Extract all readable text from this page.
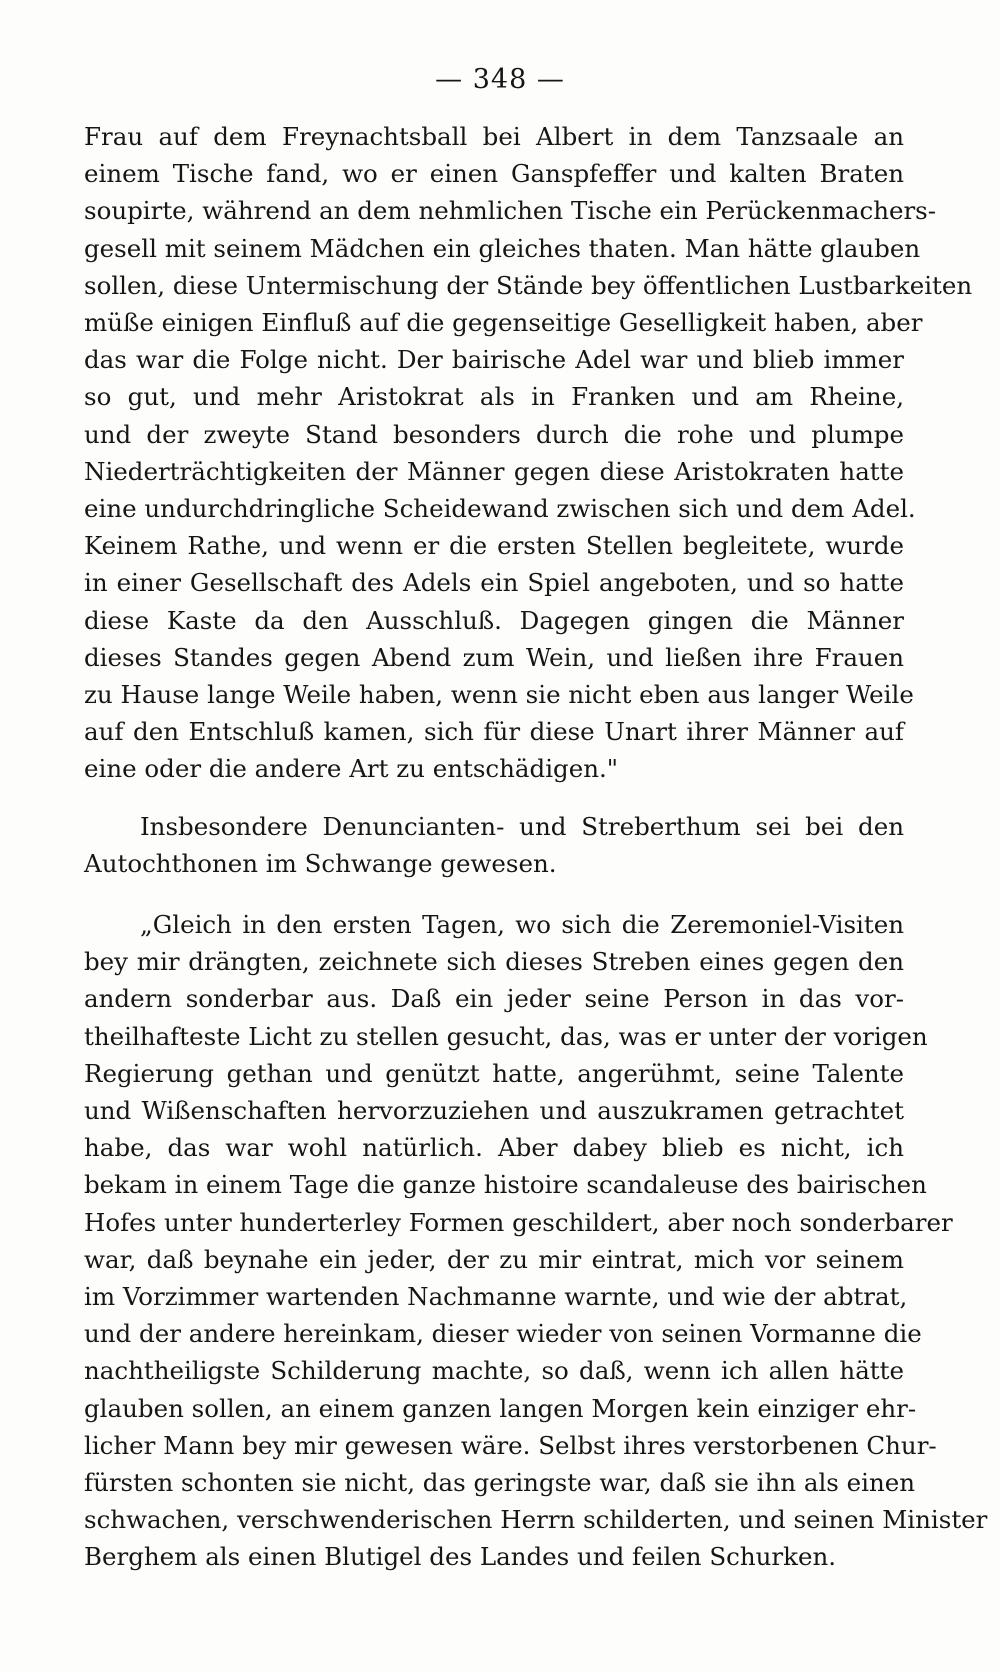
— 348 —
Frau auf dem Freynachtsball bei Albert in dem Tanzsaale an
einem Tische fand, wo er einen Ganspfeffer und kalten Braten
soupirte, während an dem nehmlichen Tische ein Perückenmachers-
gesell mit seinem Mädchen ein gleiches thaten. Man hätte glauben
sollen, diese Untermischung der Stände bey öffentlichen Lustbarkeiten
müße einigen Einfluß auf die gegenseitige Geselligkeit haben, aber
das war die Folge nicht. Der bairische Adel war und blieb immer
so gut, und mehr Aristokrat als in Franken und am Rheine,
und der zweyte Stand besonders durch die rohe und plumpe
Niederträchtigkeiten der Männer gegen diese Aristokraten hatte
eine undurchdringliche Scheidewand zwischen sich und dem Adel.
Keinem Rathe, und wenn er die ersten Stellen begleitete, wurde
in einer Gesellschaft des Adels ein Spiel angeboten, und so hatte
diese Kaste da den Ausschluß. Dagegen gingen die Männer
dieses Standes gegen Abend zum Wein, und ließen ihre Frauen
zu Hause lange Weile haben, wenn sie nicht eben aus langer Weile
auf den Entschluß kamen, sich für diese Unart ihrer Männer auf
eine oder die andere Art zu entschädigen."
Insbesondere Denuncianten- und Streberthum sei bei den
Autochthonen im Schwange gewesen.
„Gleich in den ersten Tagen, wo sich die Zeremoniel-Visiten
bey mir drängten, zeichnete sich dieses Streben eines gegen den
andern sonderbar aus. Daß ein jeder seine Person in das vor-
theilhafteste Licht zu stellen gesucht, das, was er unter der vorigen
Regierung gethan und genützt hatte, angerühmt, seine Talente
und Wißenschaften hervorzuziehen und auszukramen getrachtet
habe, das war wohl natürlich. Aber dabey blieb es nicht, ich
bekam in einem Tage die ganze histoire scandaleuse des bairischen
Hofes unter hunderterley Formen geschildert, aber noch sonderbarer
war, daß beynahe ein jeder, der zu mir eintrat, mich vor seinem
im Vorzimmer wartenden Nachmanne warnte, und wie der abtrat,
und der andere hereinkam, dieser wieder von seinen Vormanne die
nachtheiligste Schilderung machte, so daß, wenn ich allen hätte
glauben sollen, an einem ganzen langen Morgen kein einziger ehr-
licher Mann bey mir gewesen wäre. Selbst ihres verstorbenen Chur-
fürsten schonten sie nicht, das geringste war, daß sie ihn als einen
schwachen, verschwenderischen Herrn schilderten, und seinen Minister
Berghem als einen Blutigel des Landes und feilen Schurken.
